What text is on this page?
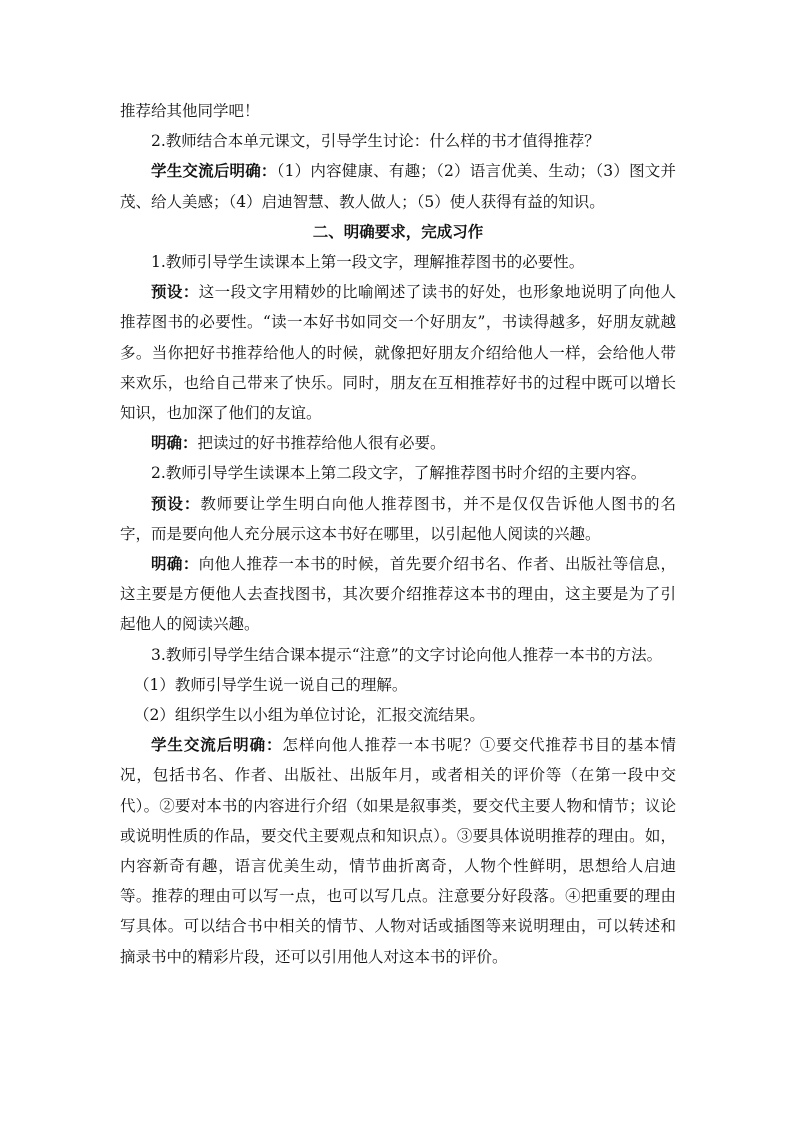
推荐给其他同学吧！

2.教师结合本单元课文，引导学生讨论：什么样的书才值得推荐？

学生交流后明确：（1）内容健康、有趣；（2）语言优美、生动；（3）图文并茂、给人美感；（4）启迪智慧、教人做人；（5）使人获得有益的知识。

二、明确要求，完成习作

1.教师引导学生读课本上第一段文字，理解推荐图书的必要性。

预设：这一段文字用精妙的比喻阐述了读书的好处，也形象地说明了向他人推荐图书的必要性。“读一本好书如同交一个好朋友”，书读得越多，好朋友就越多。当你把好书推荐给他人的时候，就像把好朋友介绍给他人一样，会给他人带来欢乐，也给自己带来了快乐。同时，朋友在互相推荐好书的过程中既可以增长知识，也加深了他们的友谊。

明确：把读过的好书推荐给他人很有必要。

2.教师引导学生读课本上第二段文字，了解推荐图书时介绍的主要内容。

预设：教师要让学生明白向他人推荐图书，并不是仅仅告诉他人图书的名字，而是要向他人充分展示这本书好在哪里，以引起他人阅读的兴趣。

明确：向他人推荐一本书的时候，首先要介绍书名、作者、出版社等信息，这主要是方便他人去查找图书，其次要介绍推荐这本书的理由，这主要是为了引起他人的阅读兴趣。

3.教师引导学生结合课本提示“注意”的文字讨论向他人推荐一本书的方法。

（1）教师引导学生说一说自己的理解。

（2）组织学生以小组为单位讨论，汇报交流结果。

学生交流后明确：怎样向他人推荐一本书呢？①要交代推荐书目的基本情况，包括书名、作者、出版社、出版年月，或者相关的评价等（在第一段中交代）。②要对本书的内容进行介绍（如果是叙事类，要交代主要人物和情节；议论或说明性质的作品，要交代主要观点和知识点）。③要具体说明推荐的理由。如，内容新奇有趣，语言优美生动，情节曲折离奇，人物个性鲜明，思想给人启迪等。推荐的理由可以写一点，也可以写几点。注意要分好段落。④把重要的理由写具体。可以结合书中相关的情节、人物对话或插图等来说明理由，可以转述和摘录书中的精彩片段，还可以引用他人对这本书的评价。
